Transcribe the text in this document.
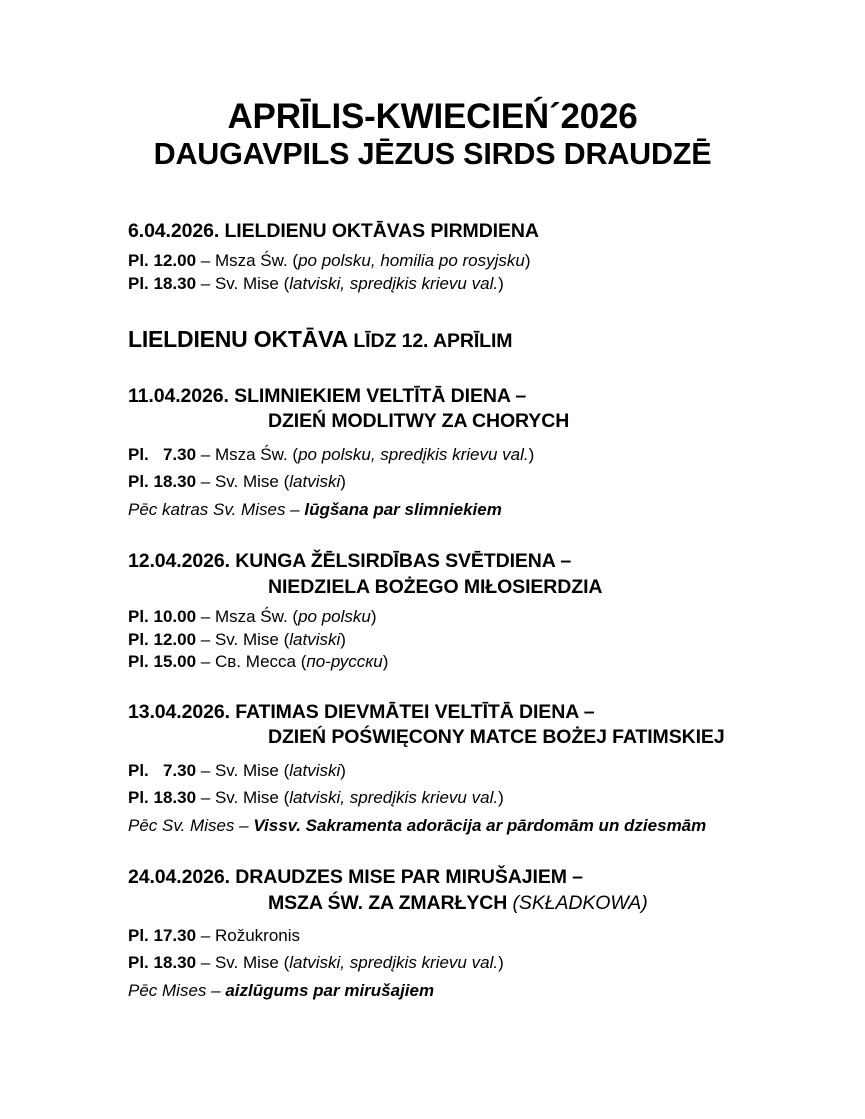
APRĪLIS-KWIECIEŃ´2026
DAUGAVPILS JĒZUS SIRDS DRAUDZĒ
6.04.2026. LIELDIENU OKTĀVAS PIRMDIENA
Pl. 12.00 – Msza Św. (po polsku, homilia po rosyjsku)
Pl. 18.30 – Sv. Mise (latviski, spredįkis krievu val.)
LIELDIENU OKTĀVA LĪDZ 12. APRĪLIM
11.04.2026. SLIMNIEKIEM VELTĪTĀ DIENA –
DZIEŃ MODLITWY ZA CHORYCH
Pl.   7.30 – Msza Św. (po polsku, spredįkis krievu val.)
Pl. 18.30 – Sv. Mise (latviski)
Pēc katras Sv. Mises – lūgšana par slimniekiem
12.04.2026. KUNGA ŽĒLSIRDĪBAS SVĒTDIENA –
NIEDZIELA BOŻEGO MIŁOSIERDZIA
Pl. 10.00 – Msza Św. (po polsku)
Pl. 12.00 – Sv. Mise (latviski)
Pl. 15.00 – Св. Месса (по-русски)
13.04.2026. FATIMAS DIEVMĀTEI VELTĪTĀ DIENA –
DZIEŃ POŚWIĘCONY MATCE BOŻEJ FATIMSKIEJ
Pl.   7.30 – Sv. Mise (latviski)
Pl. 18.30 – Sv. Mise (latviski, spredįkis krievu val.)
Pēc Sv. Mises – Vissv. Sakramenta adorācija ar pārdomām un dziesmām
24.04.2026. DRAUDZES MISE PAR MIRUŠAJIEM –
MSZA ŚW. ZA ZMARŁYCH (SKŁADKOWA)
Pl. 17.30 – Rožukronis
Pl. 18.30 – Sv. Mise (latviski, spredįkis krievu val.)
Pēc Mises – aizlūgums par mirušajiem
